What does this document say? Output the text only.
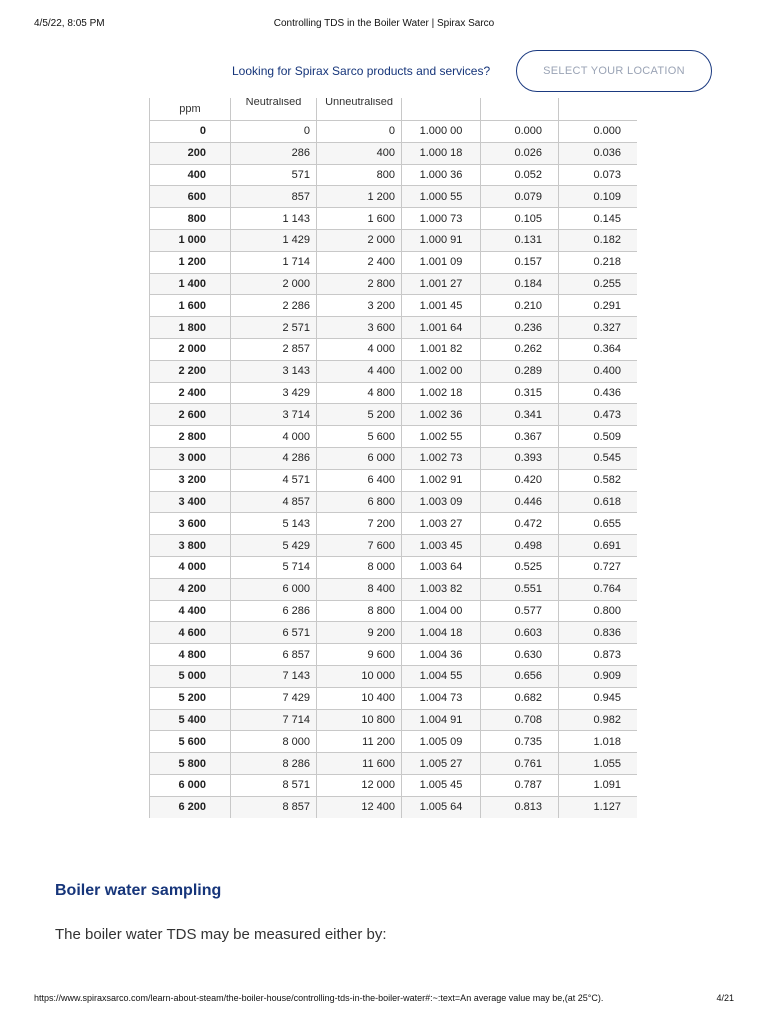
4/5/22, 8:05 PM	Controlling TDS in the Boiler Water | Spirax Sarco
Looking for Spirax Sarco products and services?	SELECT YOUR LOCATION
ppm	Neutralised	Unneutralised			
0	0	0	1.000 00	0.000	0.000
200	286	400	1.000 18	0.026	0.036
400	571	800	1.000 36	0.052	0.073
600	857	1 200	1.000 55	0.079	0.109
800	1 143	1 600	1.000 73	0.105	0.145
1 000	1 429	2 000	1.000 91	0.131	0.182
1 200	1 714	2 400	1.001 09	0.157	0.218
1 400	2 000	2 800	1.001 27	0.184	0.255
1 600	2 286	3 200	1.001 45	0.210	0.291
1 800	2 571	3 600	1.001 64	0.236	0.327
2 000	2 857	4 000	1.001 82	0.262	0.364
2 200	3 143	4 400	1.002 00	0.289	0.400
2 400	3 429	4 800	1.002 18	0.315	0.436
2 600	3 714	5 200	1.002 36	0.341	0.473
2 800	4 000	5 600	1.002 55	0.367	0.509
3 000	4 286	6 000	1.002 73	0.393	0.545
3 200	4 571	6 400	1.002 91	0.420	0.582
3 400	4 857	6 800	1.003 09	0.446	0.618
3 600	5 143	7 200	1.003 27	0.472	0.655
3 800	5 429	7 600	1.003 45	0.498	0.691
4 000	5 714	8 000	1.003 64	0.525	0.727
4 200	6 000	8 400	1.003 82	0.551	0.764
4 400	6 286	8 800	1.004 00	0.577	0.800
4 600	6 571	9 200	1.004 18	0.603	0.836
4 800	6 857	9 600	1.004 36	0.630	0.873
5 000	7 143	10 000	1.004 55	0.656	0.909
5 200	7 429	10 400	1.004 73	0.682	0.945
5 400	7 714	10 800	1.004 91	0.708	0.982
5 600	8 000	11 200	1.005 09	0.735	1.018
5 800	8 286	11 600	1.005 27	0.761	1.055
6 000	8 571	12 000	1.005 45	0.787	1.091
6 200	8 857	12 400	1.005 64	0.813	1.127
Boiler water sampling

The boiler water TDS may be measured either by:

https://www.spiraxsarco.com/learn-about-steam/the-boiler-house/controlling-tds-in-the-boiler-water#:~:text=An average value may be,(at 25°C).	4/21
